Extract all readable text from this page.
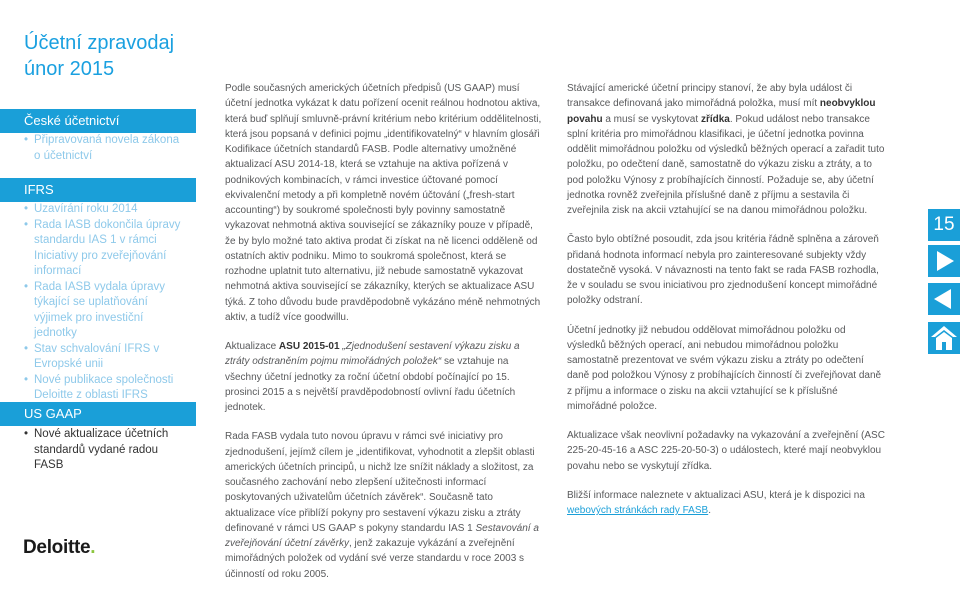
Účetní zpravodaj
únor 2015
České účetnictví
• Připravovaná novela zákona o účetnictví
IFRS
• Uzavírání roku 2014
• Rada IASB dokončila úpravy standardu IAS 1 v rámci Iniciativy pro zveřejňování informací
• Rada IASB vydala úpravy týkající se uplatňování výjimek pro investiční jednotky
• Stav schvalování IFRS v Evropské unii
• Nové publikace společnosti Deloitte z oblasti IFRS
US GAAP
• Nové aktualizace účetních standardů vydané radou FASB
Deloitte.

Podle současných amerických účetních předpisů (US GAAP) musí účetní jednotka vykázat k datu pořízení ocenit reálnou hodnotou aktiva, která buď splňují smluvně-právní kritérium nebo kritérium oddělitelnosti, která jsou popsaná v definici pojmu „identifikovatelný“ v hlavním glosáři Kodifikace účetních standardů FASB. Podle alternativy umožněné aktualizací ASU 2014-18, která se vztahuje na aktiva pořízená v podnikových kombinacích, v rámci investice účtované pomocí ekvivalenční metody a při kompletně novém účtování („fresh-start accounting“) by soukromé společnosti byly povinny samostatně vykazovat nehmotná aktiva související se zákazníky pouze v případě, že by bylo možné tato aktiva prodat či získat na ně licenci odděleně od ostatních aktiv podniku. Mimo to soukromá společnost, která se rozhodne uplatnit tuto alternativu, již nebude samostatně vykazovat nehmotná aktiva související se zákazníky, kterých se aktualizace ASU týká. Z toho důvodu bude pravděpodobně vykázáno méně nehmotných aktiv, a tudíž více goodwillu.

Aktualizace ASU 2015-01 „Zjednodušení sestavení výkazu zisku a ztráty odstraněním pojmu mimořádných položek“ se vztahuje na všechny účetní jednotky za roční účetní období počínající po 15. prosinci 2015 a s největší pravděpodobností ovlivní řadu účetních jednotek.

Rada FASB vydala tuto novou úpravu v rámci své iniciativy pro zjednodušení, jejímž cílem je „identifikovat, vyhodnotit a zlepšit oblasti amerických účetních principů, u nichž lze snížit náklady a složitost, za současného zachování nebo zlepšení užitečnosti informací poskytovaných uživatelům účetních závěrek“. Současně tato aktualizace více přiblíží pokyny pro sestavení výkazu zisku a ztráty definované v rámci US GAAP s pokyny standardu IAS 1 Sestavování a zveřejňování účetní závěrky, jenž zakazuje vykázání a zveřejnění mimořádných položek od vydání své verze standardu v roce 2003 s účinností od roku 2005.

Stávající americké účetní principy stanoví, že aby byla událost či transakce definovaná jako mimořádná položka, musí mít neobvyklou povahu a musí se vyskytovat zřídka. Pokud událost nebo transakce splní kritéria pro mimořádnou klasifikaci, je účetní jednotka povinna oddělit mimořádnou položku od výsledků běžných operací a zařadit tuto položku, po odečtení daně, samostatně do výkazu zisku a ztráty, a to pod položku Výnosy z probíhajících činností. Požaduje se, aby účetní jednotka rovněž zveřejnila příslušné daně z příjmu a sestavila či zveřejnila zisk na akcii vztahující se na danou mimořádnou položku.

Často bylo obtížné posoudit, zda jsou kritéria řádně splněna a zároveň přidaná hodnota informací nebyla pro zainteresované subjekty vždy dostatečně vysoká. V návaznosti na tento fakt se rada FASB rozhodla, že v souladu se svou iniciativou pro zjednodušení koncept mimořádné položky odstraní.

Účetní jednotky již nebudou oddělovat mimořádnou položku od výsledků běžných operací, ani nebudou mimořádnou položku samostatně prezentovat ve svém výkazu zisku a ztráty po odečtení daně pod položkou Výnosy z probíhajících činností či zveřejňovat daně z příjmu a informace o zisku na akcii vztahující se k příslušné mimořádné položce.

Aktualizace však neovlivní požadavky na vykazování a zveřejnění (ASC 225-20-45-16 a ASC 225-20-50-3) o událostech, které mají neobvyklou povahu nebo se vyskytují zřídka.

Bližší informace naleznete v aktualizaci ASU, která je k dispozici na webových stránkách rady FASB.

15
